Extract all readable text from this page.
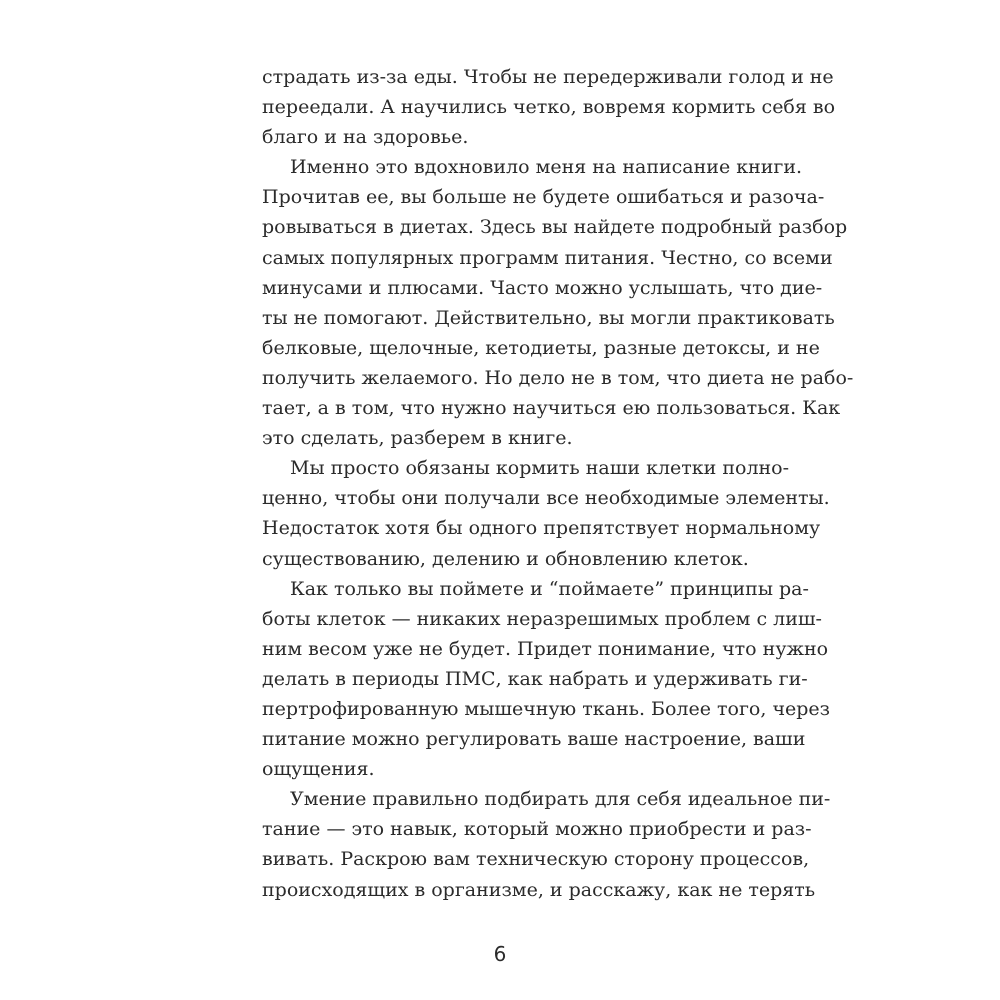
страдать из-за еды. Чтобы не передерживали голод и не
переедали. А научились четко, вовремя кормить себя во
благо и на здоровье.
Именно это вдохновило меня на написание книги.
Прочитав ее, вы больше не будете ошибаться и разоча-
ровываться в диетах. Здесь вы найдете подробный разбор
самых популярных программ питания. Честно, со всеми
минусами и плюсами. Часто можно услышать, что дие-
ты не помогают. Действительно, вы могли практиковать
белковые, щелочные, кетодиеты, разные детоксы, и не
получить желаемого. Но дело не в том, что диета не рабо-
тает, а в том, что нужно научиться ею пользоваться. Как
это сделать, разберем в книге.
Мы просто обязаны кормить наши клетки полно-
ценно, чтобы они получали все необходимые элементы.
Недостаток хотя бы одного препятствует нормальному
существованию, делению и обновлению клеток.
Как только вы поймете и “поймаете” принципы ра-
боты клеток — никаких неразрешимых проблем с лиш-
ним весом уже не будет. Придет понимание, что нужно
делать в периоды ПМС, как набрать и удерживать ги-
пертрофированную мышечную ткань. Более того, через
питание можно регулировать ваше настроение, ваши
ощущения.
Умение правильно подбирать для себя идеальное пи-
тание — это навык, который можно приобрести и раз-
вивать. Раскрою вам техническую сторону процессов,
происходящих в организме, и расскажу, как не терять
6
